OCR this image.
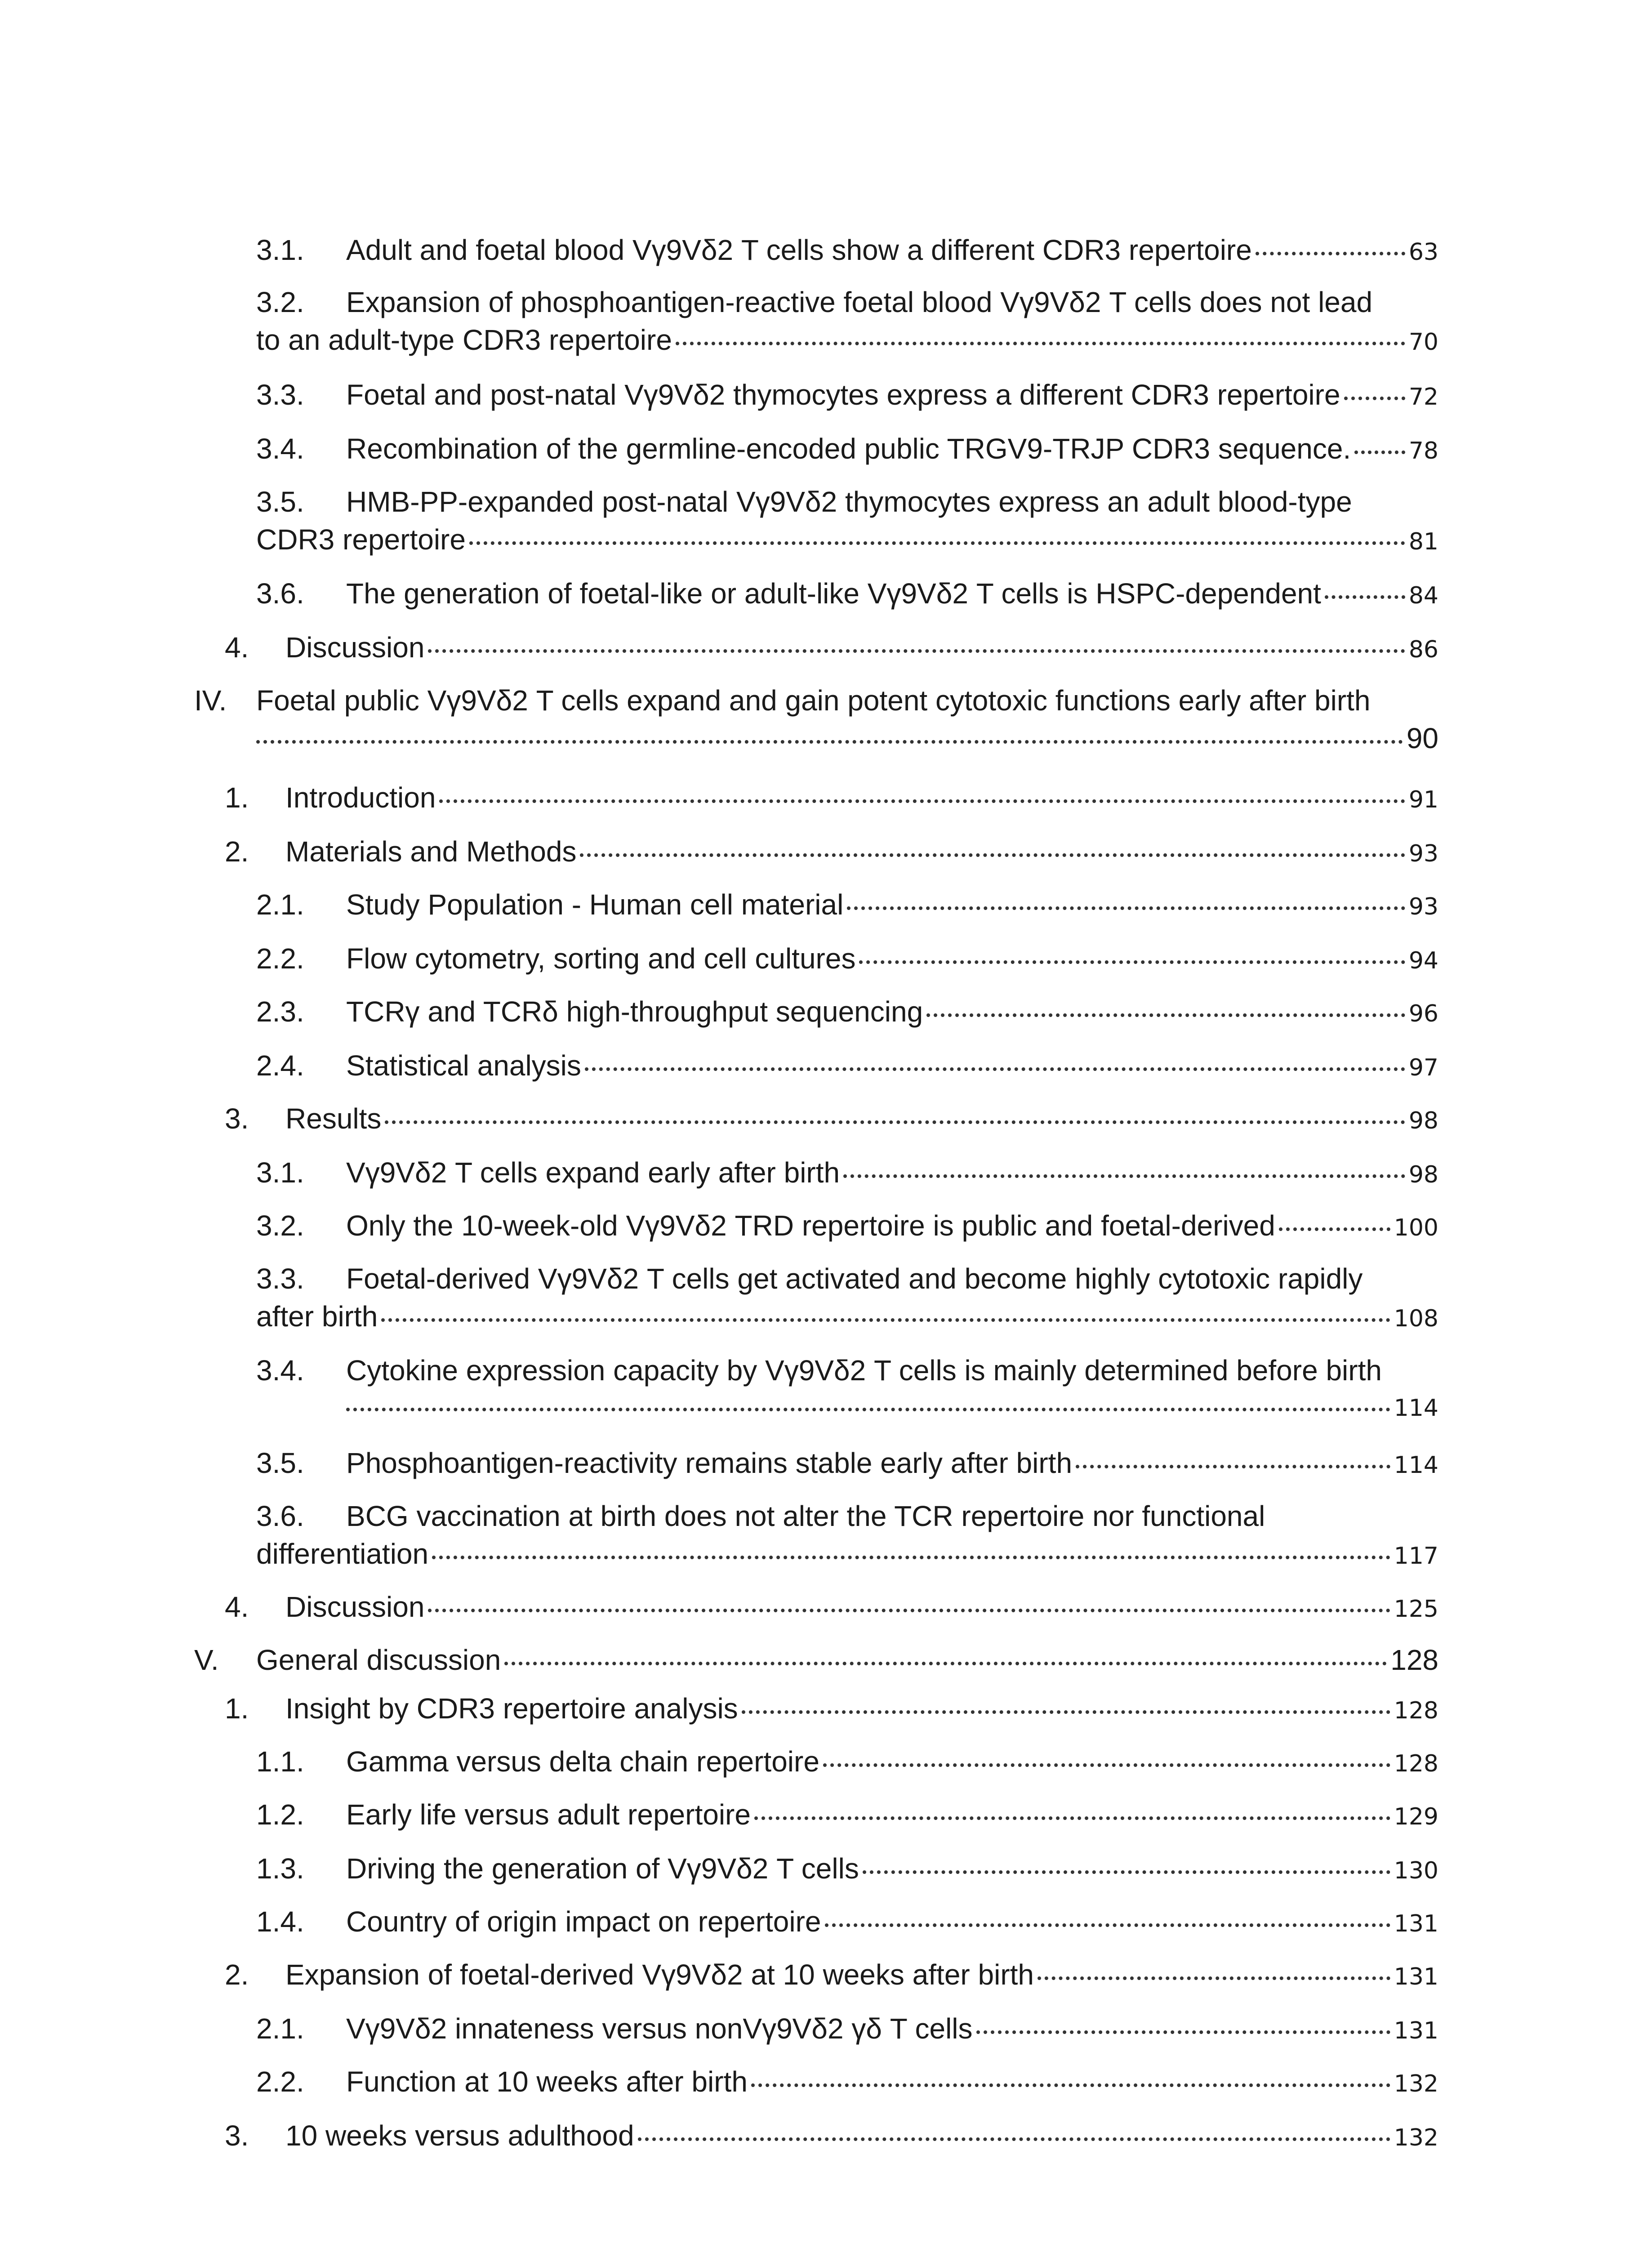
3.1.	Adult and foetal blood Vγ9Vδ2 T cells show a different CDR3 repertoire	63
3.2.	Expansion of phosphoantigen-reactive foetal blood Vγ9Vδ2 T cells does not lead
to an adult-type CDR3 repertoire	70
3.3.	Foetal and post-natal Vγ9Vδ2 thymocytes express a different CDR3 repertoire	72
3.4.	Recombination of the germline-encoded public TRGV9-TRJP CDR3 sequence. 78
3.5.	HMB-PP-expanded post-natal Vγ9Vδ2 thymocytes express an adult blood-type
CDR3 repertoire	81
3.6.	The generation of foetal-like or adult-like Vγ9Vδ2 T cells is HSPC-dependent	84
4.	Discussion	86
IV.	Foetal public Vγ9Vδ2 T cells expand and gain potent cytotoxic functions early after birth
90
1.	Introduction	91
2.	Materials and Methods	93
2.1.	Study Population - Human cell material	93
2.2.	Flow cytometry, sorting and cell cultures	94
2.3.	TCRγ and TCRδ high-throughput sequencing	96
2.4.	Statistical analysis	97
3.	Results	98
3.1.	Vγ9Vδ2 T cells expand early after birth	98
3.2.	Only the 10-week-old Vγ9Vδ2 TRD repertoire is public and foetal-derived	100
3.3.	Foetal-derived Vγ9Vδ2 T cells get activated and become highly cytotoxic rapidly
after birth	108
3.4.	Cytokine expression capacity by Vγ9Vδ2 T cells is mainly determined before birth
114
3.5.	Phosphoantigen-reactivity remains stable early after birth	114
3.6.	BCG vaccination at birth does not alter the TCR repertoire nor functional
differentiation	117
4.	Discussion	125
V.	General discussion	128
1.	Insight by CDR3 repertoire analysis	128
1.1.	Gamma versus delta chain repertoire	128
1.2.	Early life versus adult repertoire	129
1.3.	Driving the generation of Vγ9Vδ2 T cells	130
1.4.	Country of origin impact on repertoire	131
2.	Expansion of foetal-derived Vγ9Vδ2 at 10 weeks after birth	131
2.1.	Vγ9Vδ2 innateness versus nonVγ9Vδ2 γδ T cells	131
2.2.	Function at 10 weeks after birth	132
3.	10 weeks versus adulthood	132
